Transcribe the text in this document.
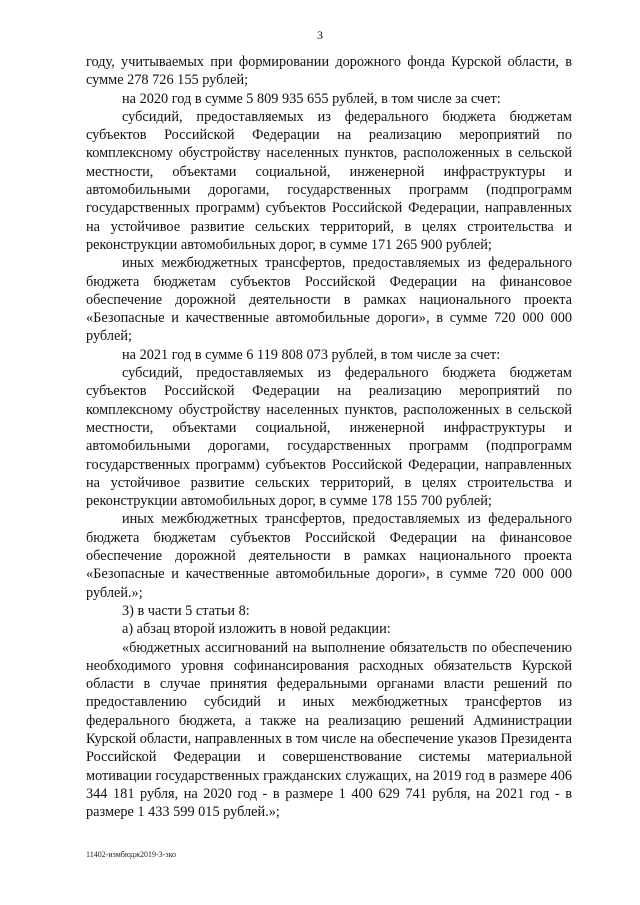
3

году, учитываемых при формировании дорожного фонда Курской области, в сумме 278 726 155 рублей;

на 2020 год в сумме 5 809 935 655 рублей, в том числе за счет:

субсидий, предоставляемых из федерального бюджета бюджетам субъектов Российской Федерации на реализацию мероприятий по комплексному обустройству населенных пунктов, расположенных в сельской местности, объектами социальной, инженерной инфраструктуры и автомобильными дорогами, государственных программ (подпрограмм государственных программ) субъектов Российской Федерации, направленных на устойчивое развитие сельских территорий, в целях строительства и реконструкции автомобильных дорог, в сумме 171 265 900 рублей;

иных межбюджетных трансфертов, предоставляемых из федерального бюджета бюджетам субъектов Российской Федерации на финансовое обеспечение дорожной деятельности в рамках национального проекта «Безопасные и качественные автомобильные дороги», в сумме 720 000 000 рублей;

на 2021 год в сумме 6 119 808 073 рублей, в том числе за счет:

субсидий, предоставляемых из федерального бюджета бюджетам субъектов Российской Федерации на реализацию мероприятий по комплексному обустройству населенных пунктов, расположенных в сельской местности, объектами социальной, инженерной инфраструктуры и автомобильными дорогами, государственных программ (подпрограмм государственных программ) субъектов Российской Федерации, направленных на устойчивое развитие сельских территорий, в целях строительства и реконструкции автомобильных дорог, в сумме 178 155 700 рублей;

иных межбюджетных трансфертов, предоставляемых из федерального бюджета бюджетам субъектов Российской Федерации на финансовое обеспечение дорожной деятельности в рамках национального проекта «Безопасные и качественные автомобильные дороги», в сумме 720 000 000 рублей.»;

3) в части 5 статьи 8:

а) абзац второй изложить в новой редакции:

«бюджетных ассигнований на выполнение обязательств по обеспечению необходимого уровня софинансирования расходных обязательств Курской области в случае принятия федеральными органами власти решений по предоставлению субсидий и иных межбюджетных трансфертов из федерального бюджета, а также на реализацию решений Администрации Курской области, направленных в том числе на обеспечение указов Президента Российской Федерации и совершенствование системы материальной мотивации государственных гражданских служащих, на 2019 год в размере 406 344 181 рубля, на 2020 год - в размере 1 400 629 741 рубля, на 2021 год - в размере 1 433 599 015 рублей.»;

11402-измбюдж2019-3-зко
